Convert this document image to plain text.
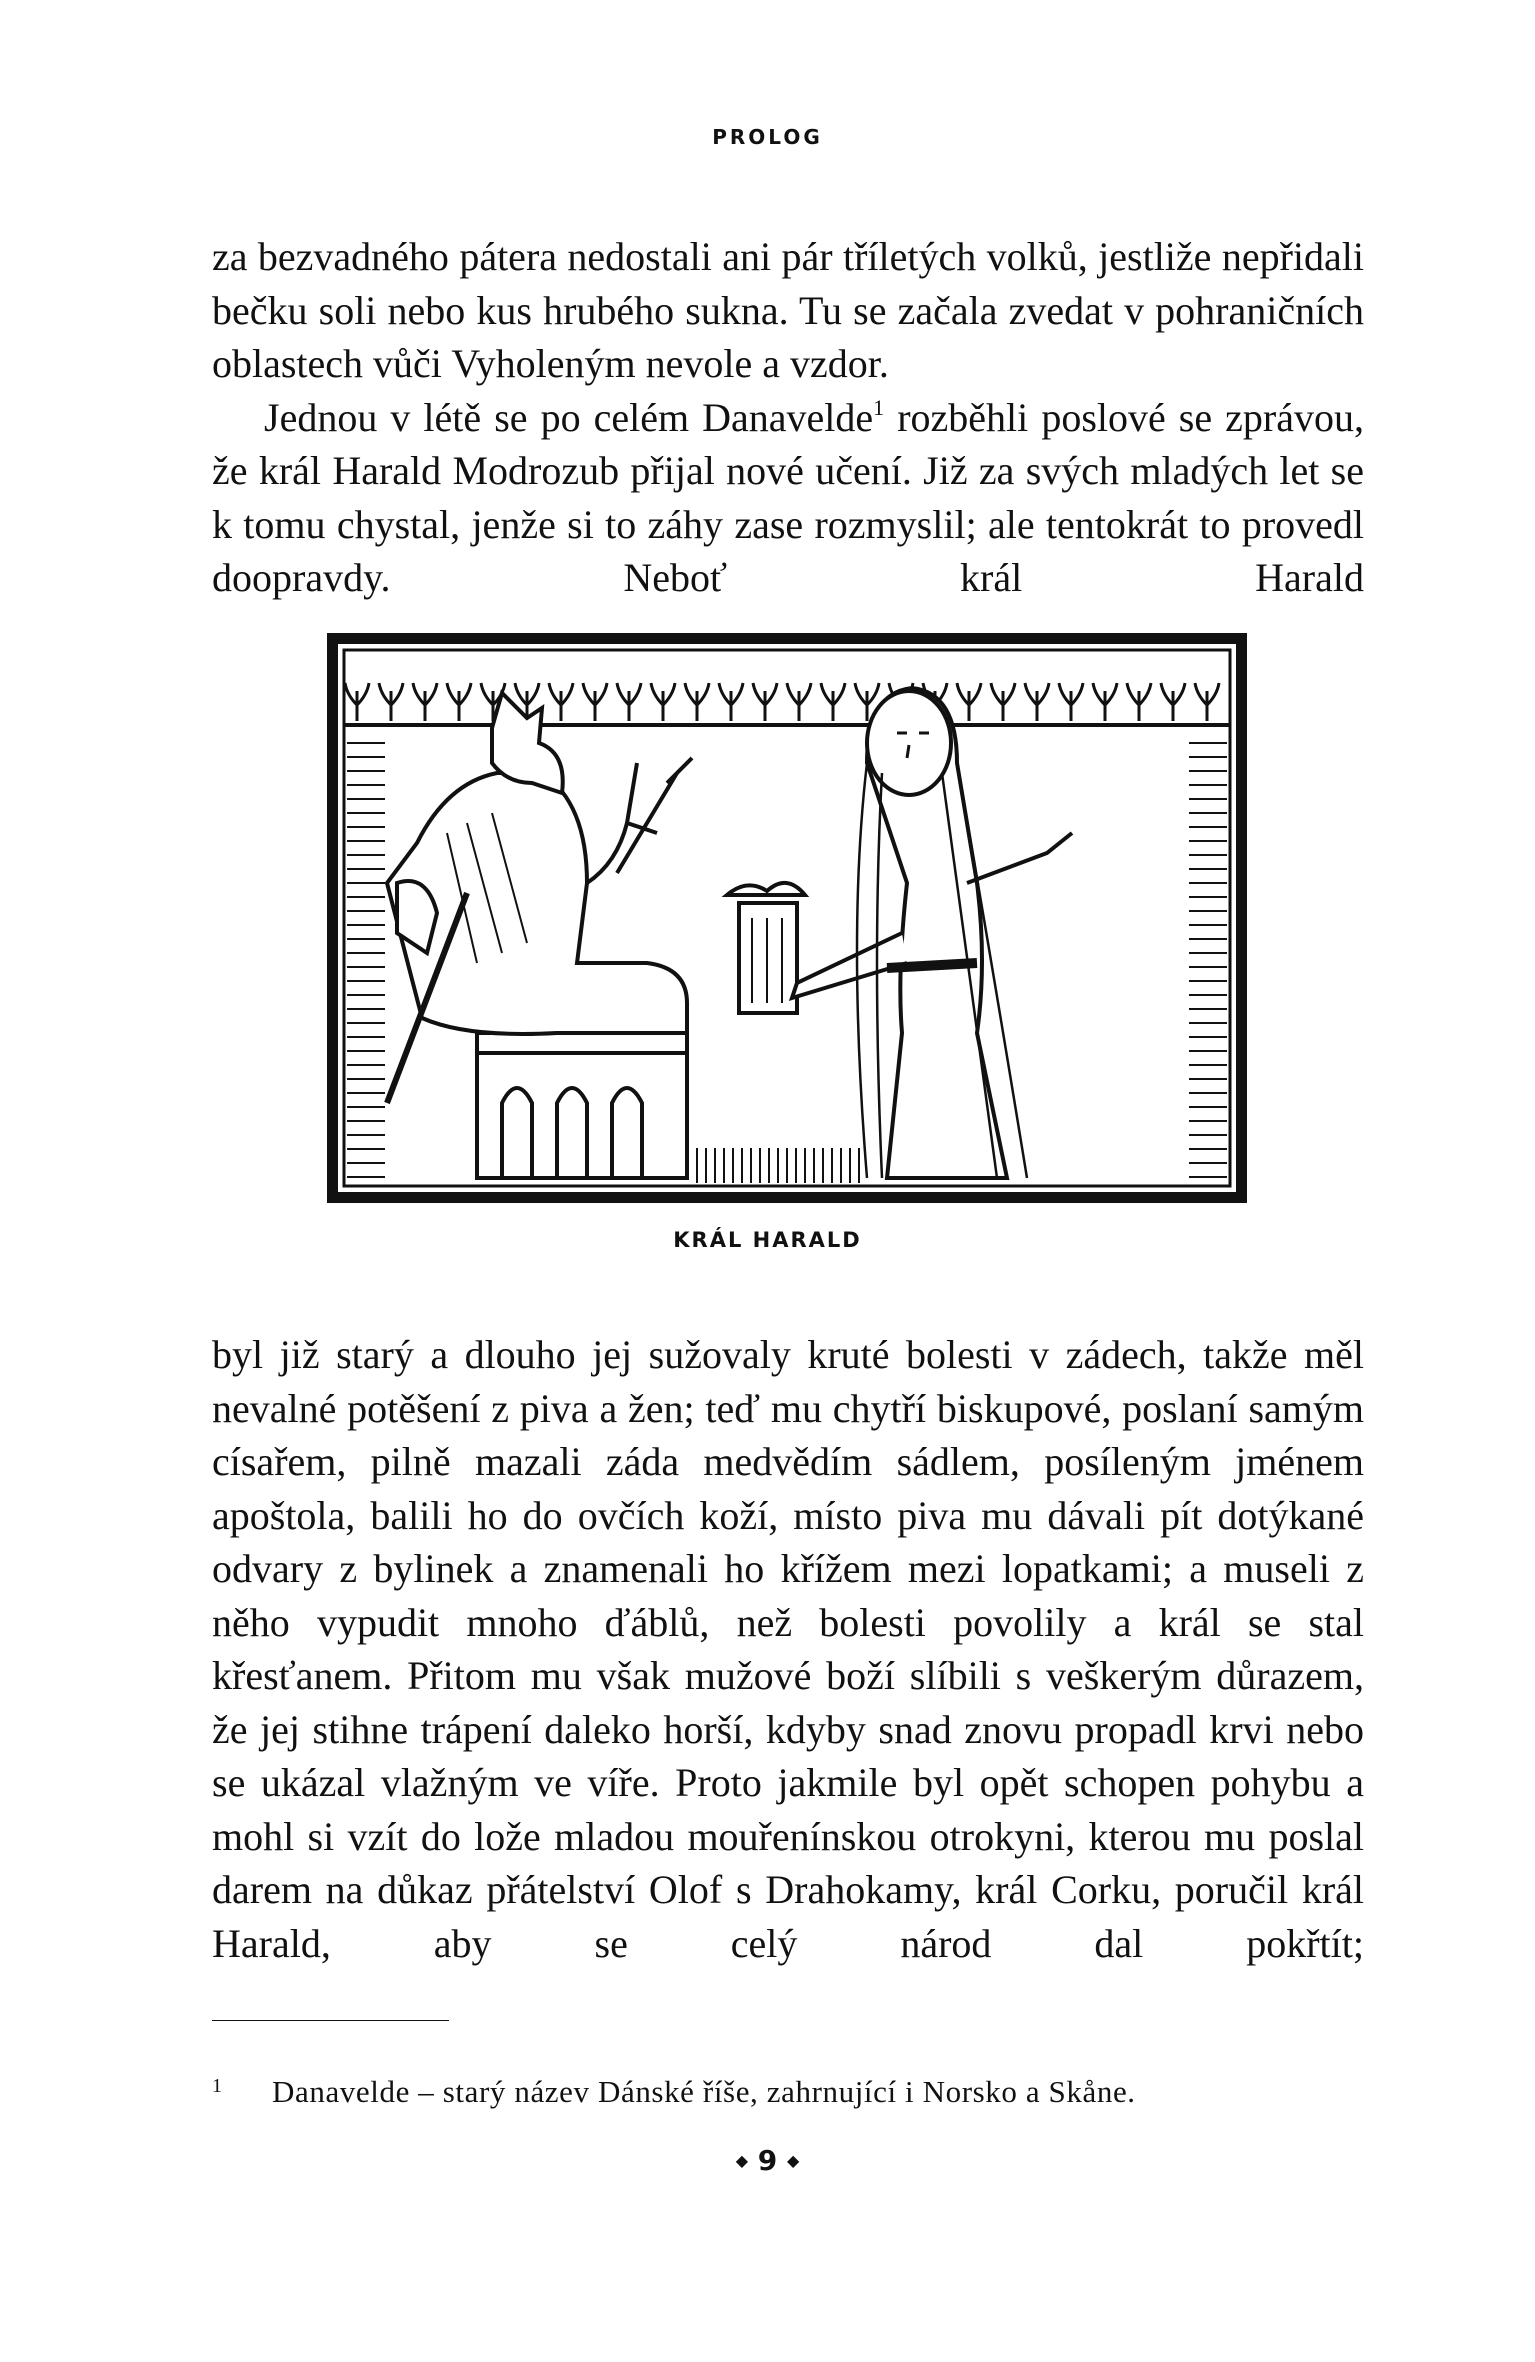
PROLOG

za bezvadného pátera nedostali ani pár tříletých volků, jestliže nepřidali bečku soli nebo kus hrubého sukna. Tu se začala zvedat v pohraničních oblastech vůči Vyholeným nevole a vzdor.

Jednou v létě se po celém Danavelde$^1$ rozběhli poslové se zprávou, že král Harald Modrozub přijal nové učení. Již za svých mladých let se k tomu chystal, jenže si to záhy zase rozmyslil; ale tentokrát to provedl doopravdy. Neboť král Harald

KRÁL HARALD

byl již starý a dlouho jej sužovaly kruté bolesti v zádech, takže měl nevalné potěšení z piva a žen; teď mu chytří biskupové, poslaní samým císařem, pilně mazali záda medvědím sádlem, posíleným jménem apoštola, balili ho do ovčích koží, místo piva mu dávali pít dotýkané odvary z bylinek a znamenali ho křížem mezi lopatkami; a museli z něho vypudit mnoho ďáblů, než bolesti povolily a král se stal křesťanem. Přitom mu však mužové boží slíbili s veškerým důrazem, že jej stihne trápení daleko horší, kdyby snad znovu propadl krvi nebo se ukázal vlažným ve víře. Proto jakmile byl opět schopen pohybu a mohl si vzít do lože mladou mouřenínskou otrokyni, kterou mu poslal darem na důkaz přátelství Olof s Drahokamy, král Corku, poručil král Harald, aby se celý národ dal pokřtít;

1 Danavelde – starý název Dánské říše, zahrnující i Norsko a Skåne.
◆ 9 ◆
